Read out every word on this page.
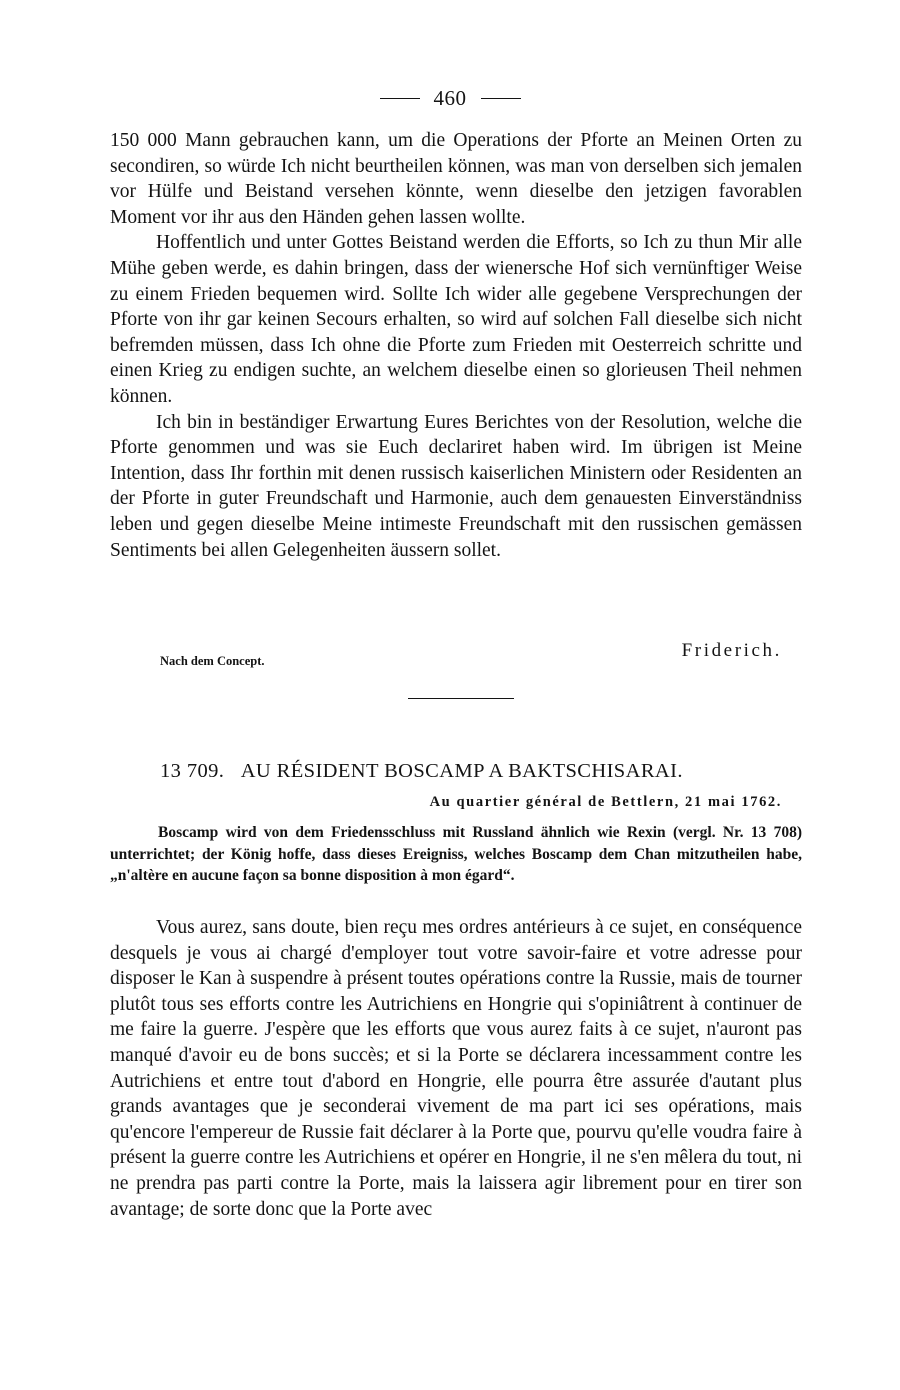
460

150 000 Mann gebrauchen kann, um die Operations der Pforte an Meinen Orten zu secondiren, so würde Ich nicht beurtheilen können, was man von derselben sich jemalen vor Hülfe und Beistand versehen könnte, wenn dieselbe den jetzigen favorablen Moment vor ihr aus den Händen gehen lassen wollte.

Hoffentlich und unter Gottes Beistand werden die Efforts, so Ich zu thun Mir alle Mühe geben werde, es dahin bringen, dass der wienersche Hof sich vernünftiger Weise zu einem Frieden bequemen wird. Sollte Ich wider alle gegebene Versprechungen der Pforte von ihr gar keinen Secours erhalten, so wird auf solchen Fall dieselbe sich nicht befremden müssen, dass Ich ohne die Pforte zum Frieden mit Oesterreich schritte und einen Krieg zu endigen suchte, an welchem dieselbe einen so glorieusen Theil nehmen können.

Ich bin in beständiger Erwartung Eures Berichtes von der Resolution, welche die Pforte genommen und was sie Euch declariret haben wird. Im übrigen ist Meine Intention, dass Ihr forthin mit denen russisch kaiserlichen Ministern oder Residenten an der Pforte in guter Freundschaft und Harmonie, auch dem genauesten Einverständniss leben und gegen dieselbe Meine intimeste Freundschaft mit den russischen gemässen Sentiments bei allen Gelegenheiten äussern sollet.

Nach dem Concept.	Friderich.
13 709. AU RÉSIDENT BOSCAMP A BAKTSCHISARAI.
Au quartier général de Bettlern, 21 mai 1762.

Boscamp wird von dem Friedensschluss mit Russland ähnlich wie Rexin (vergl. Nr. 13 708) unterrichtet; der König hoffe, dass dieses Ereigniss, welches Boscamp dem Chan mitzutheilen habe, „n'altère en aucune façon sa bonne disposition à mon égard“.

Vous aurez, sans doute, bien reçu mes ordres antérieurs à ce sujet, en conséquence desquels je vous ai chargé d'employer tout votre savoir-faire et votre adresse pour disposer le Kan à suspendre à présent toutes opérations contre la Russie, mais de tourner plutôt tous ses efforts contre les Autrichiens en Hongrie qui s'opiniâtrent à continuer de me faire la guerre. J'espère que les efforts que vous aurez faits à ce sujet, n'auront pas manqué d'avoir eu de bons succès; et si la Porte se déclarera incessamment contre les Autrichiens et entre tout d'abord en Hongrie, elle pourra être assurée d'autant plus grands avantages que je seconderai vivement de ma part ici ses opérations, mais qu'encore l'empereur de Russie fait déclarer à la Porte que, pourvu qu'elle voudra faire à présent la guerre contre les Autrichiens et opérer en Hongrie, il ne s'en mêlera du tout, ni ne prendra pas parti contre la Porte, mais la laissera agir librement pour en tirer son avantage; de sorte donc que la Porte avec
